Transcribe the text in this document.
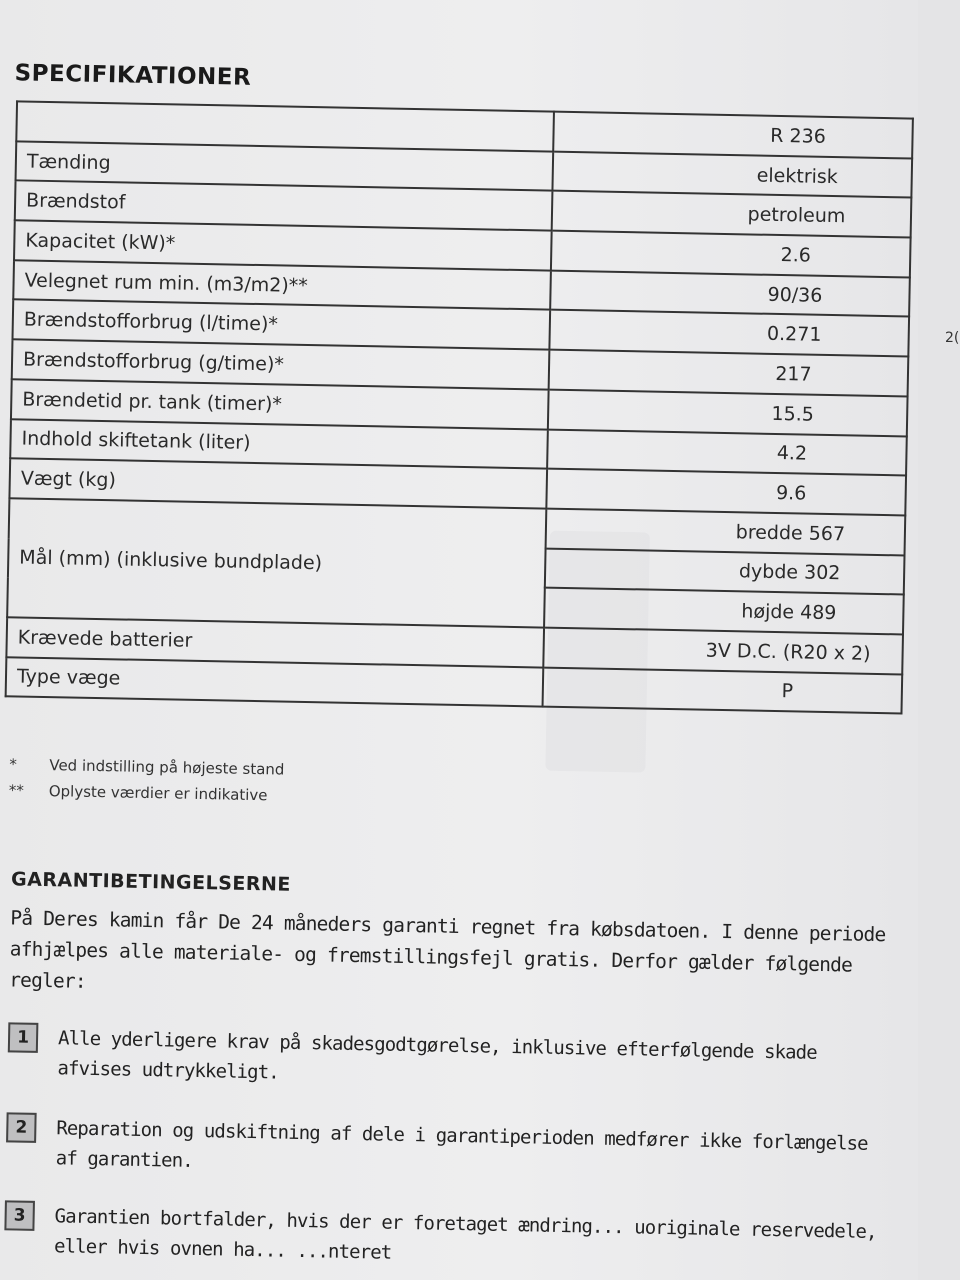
SPECIFIKATIONER
	R 236
Tænding	elektrisk
Brændstof	petroleum
Kapacitet (kW)*	2.6
Velegnet rum min. (m3/m2)**	90/36
Brændstofforbrug (l/time)*	0.271
Brændstofforbrug (g/time)*	217
Brændetid pr. tank (timer)*	15.5
Indhold skiftetank (liter)	4.2
Vægt (kg)	9.6
Mål (mm) (inklusive bundplade)	bredde 567
	dybde 302
	højde 489
Krævede batterier	3V D.C. (R20 x 2)
Type væge	P
*	Ved indstilling på højeste stand
** Oplyste værdier er indikative
GARANTIBETINGELSERNE
På Deres kamin får De 24 måneders garanti regnet fra købsdatoen. I denne periode afhjælpes alle materiale- og fremstillingsfejl gratis. Derfor gælder følgende regler:
1	Alle yderligere krav på skadesgodtgørelse, inklusive efterfølgende skade afvises udtrykkeligt.
2	Reparation og udskiftning af dele i garantiperioden medfører ikke forlængelse af garantien.
3	Garantien bortfalder, hvis der er foretaget ændring... uoriginale reservedele, eller hvis ovnen ha... ...nteret
2(
